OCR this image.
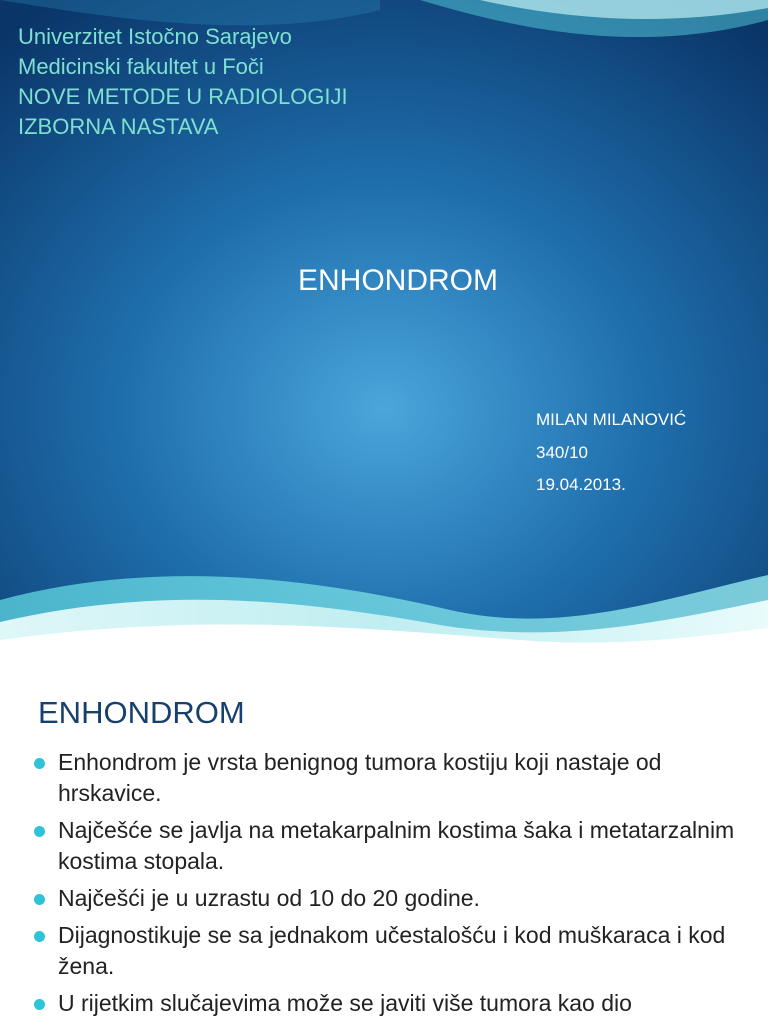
Univerzitet Istočno Sarajevo
Medicinski fakultet u Foči
NOVE METODE U RADIOLOGIJI
IZBORNA NASTAVA
ENHONDROM
MILAN MILANOVIĆ
340/10
19.04.2013.
ENHONDROM
Enhondrom je vrsta benignog tumora kostiju koji nastaje od hrskavice.
Najčešće se javlja na metakarpalnim kostima šaka i metatarzalnim kostima stopala.
Najčešći je u uzrastu od 10 do 20 godine.
Dijagnostikuje se sa jednakom učestalošću i kod muškaraca i kod žena.
U rijetkim slučajevima može se javiti više tumora kao dio
